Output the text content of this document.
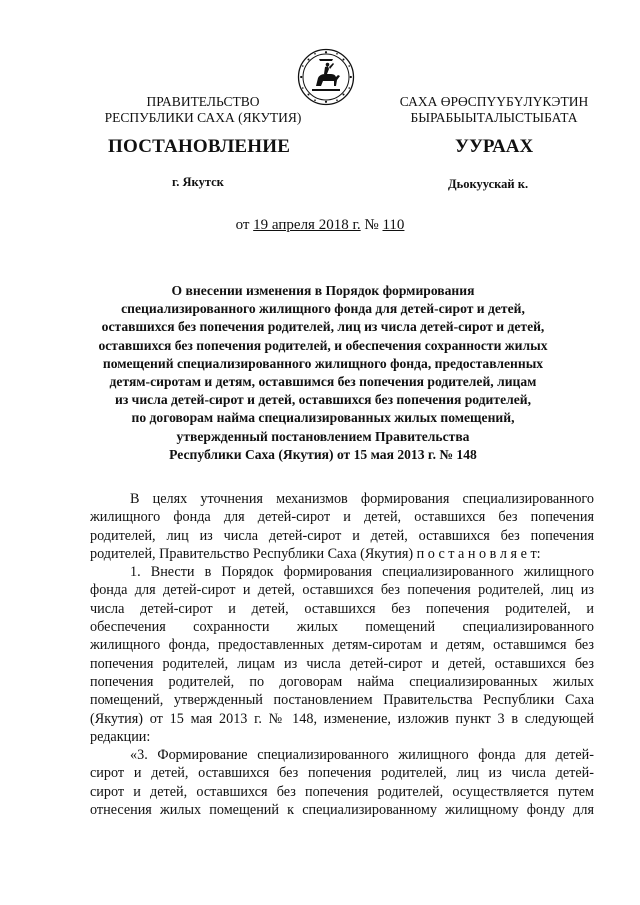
ПРАВИТЕЛЬСТВО
РЕСПУБЛИКИ САХА (ЯКУТИЯ)
САХА ӨРӨСПҮҮБҮЛҮКЭТИН
БЫРАБЫЫТАЛЫСТЫБАТА
ПОСТАНОВЛЕНИЕ	УУРААХ
г. Якутск	Дьокуускай к.
от 19 апреля 2018 г. № 110
О внесении изменения в Порядок формирования
специализированного жилищного фонда для детей-сирот и детей,
оставшихся без попечения родителей, лиц из числа детей-сирот и детей,
оставшихся без попечения родителей, и обеспечения сохранности жилых
помещений специализированного жилищного фонда, предоставленных
детям-сиротам и детям, оставшимся без попечения родителей, лицам
из числа детей-сирот и детей, оставшихся без попечения родителей,
по договорам найма специализированных жилых помещений,
утвержденный постановлением Правительства
Республики Саха (Якутия) от 15 мая 2013 г. № 148
В целях уточнения механизмов формирования специализированного
жилищного фонда для детей-сирот и детей, оставшихся без попечения
родителей, лиц из числа детей-сирот и детей, оставшихся без попечения
родителей, Правительство Республики Саха (Якутия) п о с т а н о в л я е т:
1. Внести в Порядок формирования специализированного жилищного
фонда для детей-сирот и детей, оставшихся без попечения родителей, лиц из
числа детей-сирот и детей, оставшихся без попечения родителей, и
обеспечения сохранности жилых помещений специализированного
жилищного фонда, предоставленных детям-сиротам и детям, оставшимся без
попечения родителей, лицам из числа детей-сирот и детей, оставшихся без
попечения родителей, по договорам найма специализированных жилых
помещений, утвержденный постановлением Правительства Республики Саха
(Якутия) от 15 мая 2013 г. № 148, изменение, изложив пункт 3 в следующей
редакции:
«3. Формирование специализированного жилищного фонда для детей-
сирот и детей, оставшихся без попечения родителей, лиц из числа детей-
сирот и детей, оставшихся без попечения родителей, осуществляется путем
отнесения жилых помещений к специализированному жилищному фонду для
